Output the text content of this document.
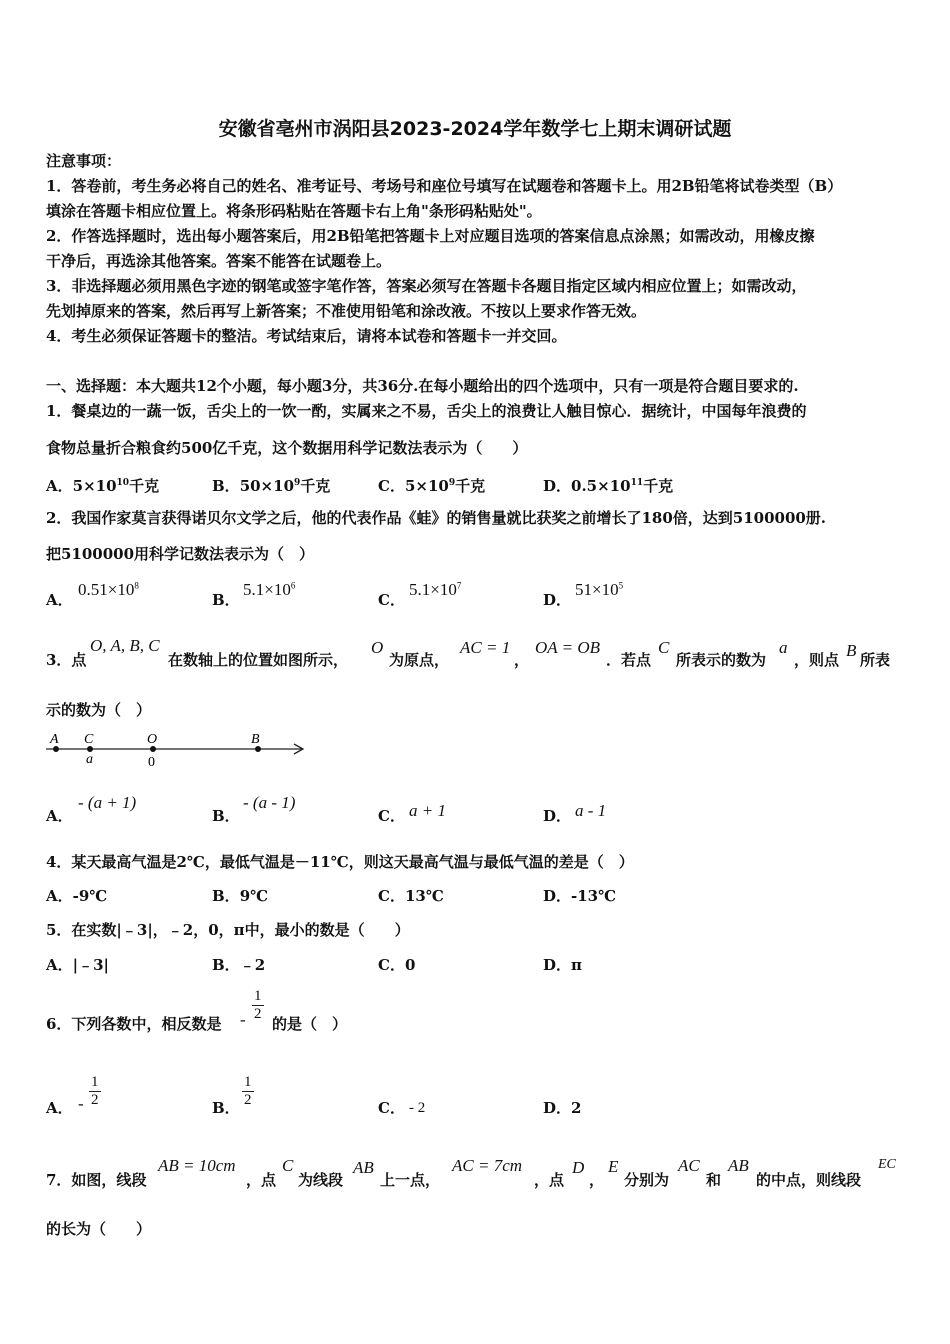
安徽省亳州市涡阳县2023-2024学年数学七上期末调研试题
注意事项：
1．答卷前，考生务必将自己的姓名、准考证号、考场号和座位号填写在试题卷和答题卡上。用2B铅笔将试卷类型（B）
填涂在答题卡相应位置上。将条形码粘贴在答题卡右上角"条形码粘贴处"。
2．作答选择题时，选出每小题答案后，用2B铅笔把答题卡上对应题目选项的答案信息点涂黑；如需改动，用橡皮擦
干净后，再选涂其他答案。答案不能答在试题卷上。
3．非选择题必须用黑色字迹的钢笔或签字笔作答，答案必须写在答题卡各题目指定区域内相应位置上；如需改动，
先划掉原来的答案，然后再写上新答案；不准使用铅笔和涂改液。不按以上要求作答无效。
4．考生必须保证答题卡的整洁。考试结束后，请将本试卷和答题卡一并交回。
一、选择题：本大题共12个小题，每小题3分，共36分.在每小题给出的四个选项中，只有一项是符合题目要求的.
1．餐桌边的一蔬一饭，舌尖上的一饮一酌，实属来之不易，舌尖上的浪费让人触目惊心．据统计，中国每年浪费的
食物总量折合粮食约500亿千克，这个数据用科学记数法表示为（　　）
A．$5\times 10^{10}$千克	B．$50\times 10^9$千克	C．$5\times 10^9$千克	D．$0.5\times 10^{11}$千克
2．我国作家莫言获得诺贝尔文学之后，他的代表作品《蛙》的销售量就比获奖之前增长了180倍，达到5100000册.
把5100000用科学记数法表示为（　）
A．
$0.51\times 10^8$
B．
$5.1\times 10^6$
C．
$5.1\times 10^7$
D．
$51\times 10^5$
3．点
O, A, B, C
在数轴上的位置如图所示，
O
为原点，
AC = 1
，
OA = OB
．若点
C
所表示的数为
a
，则点 B 所表
示的数为（　）
A C	O	B
a	0
A．
- (a + 1)
B．
- (a - 1)
C． a + 1	D． a - 1
4．某天最高气温是2℃，最低气温是－11℃，则这天最高气温与最低气温的差是（　）
A．-9℃	B．9℃	C．13℃	D．-13℃
5．在实数|﹣3|，﹣2，0，π中，最小的数是（　　）
A．|﹣3|	B．﹣2	C．0	D．π
6．下列各数中，相反数是 - $\frac{1}{2}$
的是（　）
A． - $\frac{1}{2}$	B． $\frac{1}{2}$	C． - 2	D．2
7．如图，线段
AB = 10cm
，点
C
为线段
AB
上一点，
AC = 7cm
，点
D
，
E
分别为
AC
和
AB
的中点，则线段
EC
的长为（　　）
